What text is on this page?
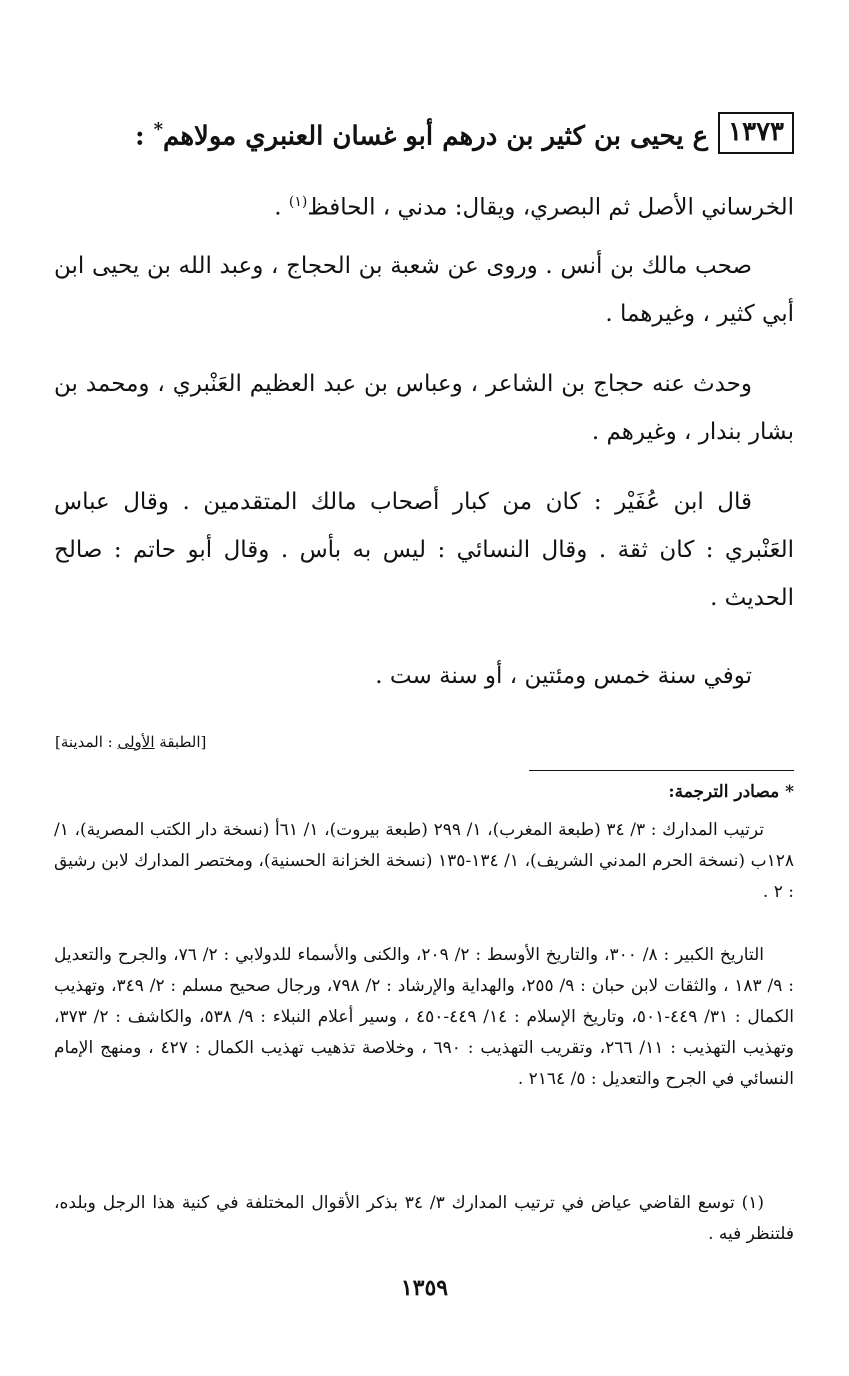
١٣٧٣
ع يحيى بن كثير بن درهم أبو غسان العنبري مولاهم* :
الخرساني الأصل ثم البصري، ويقال: مدني ، الحافظ$^{(١)}$ .
صحب مالك بن أنس . وروى عن شعبة بن الحجاج ، وعبد الله بن يحيى ابن أبي كثير ، وغيرهما .
وحدث عنه حجاج بن الشاعر ، وعباس بن عبد العظيم العَنْبري ، ومحمد بن بشار بندار ، وغيرهم .
قال ابن عُفَيْر : كان من كبار أصحاب مالك المتقدمين . وقال عباس العَنْبري : كان ثقة . وقال النسائي : ليس به بأس . وقال أبو حاتم : صالح الحديث .
توفي سنة خمس ومئتين ، أو سنة ست .
[الطبقة الأولى : المدينة]
* مصادر الترجمة:
ترتيب المدارك : ٣/ ٣٤ (طبعة المغرب)، ١/ ٢٩٩ (طبعة بيروت)، ١/ ٦١أ (نسخة دار الكتب المصرية)، ١/ ١٢٨ب (نسخة الحرم المدني الشريف)، ١/ ١٣٤-١٣٥ (نسخة الخزانة الحسنية)، ومختصر المدارك لابن رشيق : ٢ .
التاريخ الكبير : ٨/ ٣٠٠، والتاريخ الأوسط : ٢/ ٢٠٩، والكنى والأسماء للدولابي : ٢/ ٧٦، والجرح والتعديل : ٩/ ١٨٣ ، والثقات لابن حبان : ٩/ ٢٥٥، والهداية والإرشاد : ٢/ ٧٩٨، ورجال صحيح مسلم : ٢/ ٣٤٩، وتهذيب الكمال : ٣١/ ٤٤٩-٥٠١، وتاريخ الإسلام : ١٤/ ٤٤٩-٤٥٠ ، وسير أعلام النبلاء : ٩/ ٥٣٨، والكاشف : ٢/ ٣٧٣، وتهذيب التهذيب : ١١/ ٢٦٦، وتقريب التهذيب : ٦٩٠ ، وخلاصة تذهيب تهذيب الكمال : ٤٢٧ ، ومنهج الإمام النسائي في الجرح والتعديل : ٥/ ٢١٦٤ .
(١) توسع القاضي عياض في ترتيب المدارك ٣/ ٣٤ بذكر الأقوال المختلفة في كنية هذا الرجل وبلده، فلتنظر فيه .
١٣٥٩
